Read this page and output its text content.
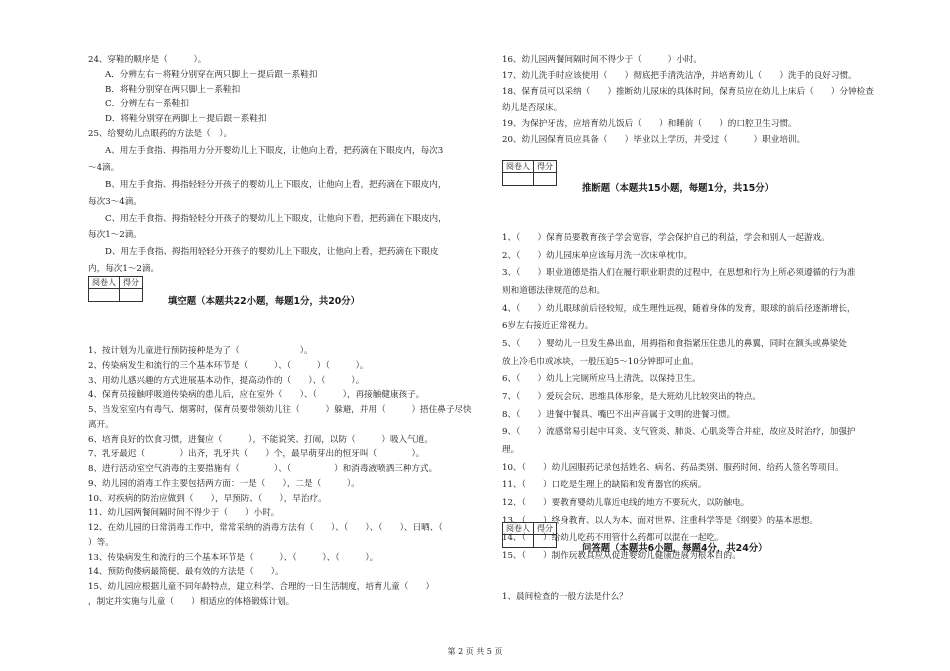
24、穿鞋的顺序是（　　　）。
A．分辨左右－将鞋分别穿在两只脚上－提后跟－系鞋扣
B．将鞋分别穿在两只脚上－系鞋扣
C．分辨左右－系鞋扣
D．将鞋分别穿在两脚上－提后跟－系鞋扣
25、给婴幼儿点眼药的方法是（　）。
A、用左手食指、拇指用力分开婴幼儿上下眼皮，让他向上看，把药滴在下眼皮内，每次3
～4滴。
B、用左手食指、拇指轻轻分开孩子的婴幼儿上下眼皮，让他向上看，把药滴在下眼皮内，
每次3～4滴。
C、用左手食指、拇指轻轻分开孩子的婴幼儿上下眼皮，让他向下看，把药滴在下眼皮内，
每次1～2滴。
D、用左手食指、拇指用轻轻分开孩子的婴幼儿上下眼皮，让他向上看，把药滴在下眼皮
内，每次1～2滴。
阅卷人	得分

填空题（本题共22小题，每题1分，共20分）
1、按计划为儿童进行预防接种是为了（　　　　　　　）。
2、传染病发生和流行的三个基本环节是（　　　）、（　　　）（　　　）。
3、用幼儿感兴趣的方式进展基本动作，提高动作的（　　）、（　　　）。
4、保育员接触呼吸道传染病的患儿后，应在室外（　　）、（　　　），再接触健康孩子。
5、当发室室内有毒气、烟雾时，保育员要带领幼儿往（　　　）躲避，并用（　　　）捂住鼻子尽快
离开。
6、培育良好的饮食习惯，进餐应（　　　），不能说笑、打闹，以防（　　　）吸入气道。
7、乳牙最迟（　　　　）出齐，乳牙共（　　）个，最早萌芽出的恒牙叫（　　　　）。
8、进行活动室空气消毒的主要措施有（　　　　）、（　　　　　）和消毒液喷洒三种方式。
9、幼儿园的消毒工作主要包括两方面：一是（　　），二是（　　　）。
10、对疾病的防治应做到（　　），早预防、（　　），早治疗。
11、幼儿园两餐间隔时间不得少于（　　）小时。
12、在幼儿园的日常消毒工作中，常常采纳的消毒方法有（　　）、（　　）、（　　）、日晒、（
）等。
13、传染病发生和流行的三个基本环节是（　　　）、（　　　）、（　　　）。
14、预防佝偻病最简便、最有效的方法是（　　）。
15、幼儿园应根据儿童不同年龄特点，建立科学、合理的一日生活制度，培育儿童（　　）
，制定并实施与儿童（　　）相适应的体格锻炼计划。
16、幼儿园两餐间隔时间不得少于（　　　）小时。
17、幼儿洗手时应该使用（　　）彻底把手清洗洁净，并培育幼儿（　　）洗手的良好习惯。
18、保育员可以采纳（　　）推断幼儿尿床的具体时间，保育员应在幼儿上床后（　　）分钟检查
幼儿是否尿床。
19、为保护牙齿，应培育幼儿饭后（　　）和睡前（　　）的口腔卫生习惯。
20、幼儿园保育员应具备（　　）毕业以上学历，并受过（　　　）职业培训。
阅卷人	得分

推断题（本题共15小题，每题1分，共15分）
1、（　　）保育员要教育孩子学会宽容，学会保护自己的利益，学会和别人一起游戏。
2、（　　）幼儿园床单应该每月洗一次床单枕巾。
3、（　　）职业道德是指人们在履行职业职责的过程中，在思想和行为上所必须遵循的行为准
则和道德法律规范的总和。
4、（　　）幼儿眼球前后径较短，成生理性远视，随着身体的发育，眼球的前后径逐渐增长，
6岁左右接近正常视力。
5、（　　）婴幼儿一旦发生鼻出血，用拇指和食指紧压住患儿的鼻翼，同时在额头或鼻梁处
放上冷毛巾或冰块，一般压迫5～10分钟即可止血。
6、（　　）幼儿上完厕所应马上清洗，以保持卫生。
7、（　　）爱玩会玩、思维具体形象，是大班幼儿比较突出的特点。
8、（　　）进餐中餐具、嘴巴不出声音属于文明的进餐习惯。
9、（　　）流感常易引起中耳炎、支气管炎、肺炎、心肌炎等合并症，故应及时治疗，加强护
理。
10、（　　）幼儿园服药记录包括姓名、病名、药品类别、服药时间、给药人签名等项目。
11、（　　）口吃是生理上的缺陷和发育器官的疾病。
12、（　　）要教育婴幼儿靠近电线的地方不要玩火，以防触电。
13、（　　）终身教育、以人为本、面对世界、注重科学等是《纲要》的基本思想。
14、（　　）给幼儿吃药不用管什么药都可以混在一起吃。
15、（　　）制作玩教具应从促进婴幼儿健康进展为根本目的。
阅卷人	得分

问答题（本题共6小题，每题4分，共24分）
1、晨间检查的一般方法是什么？
第 2 页 共 5 页
